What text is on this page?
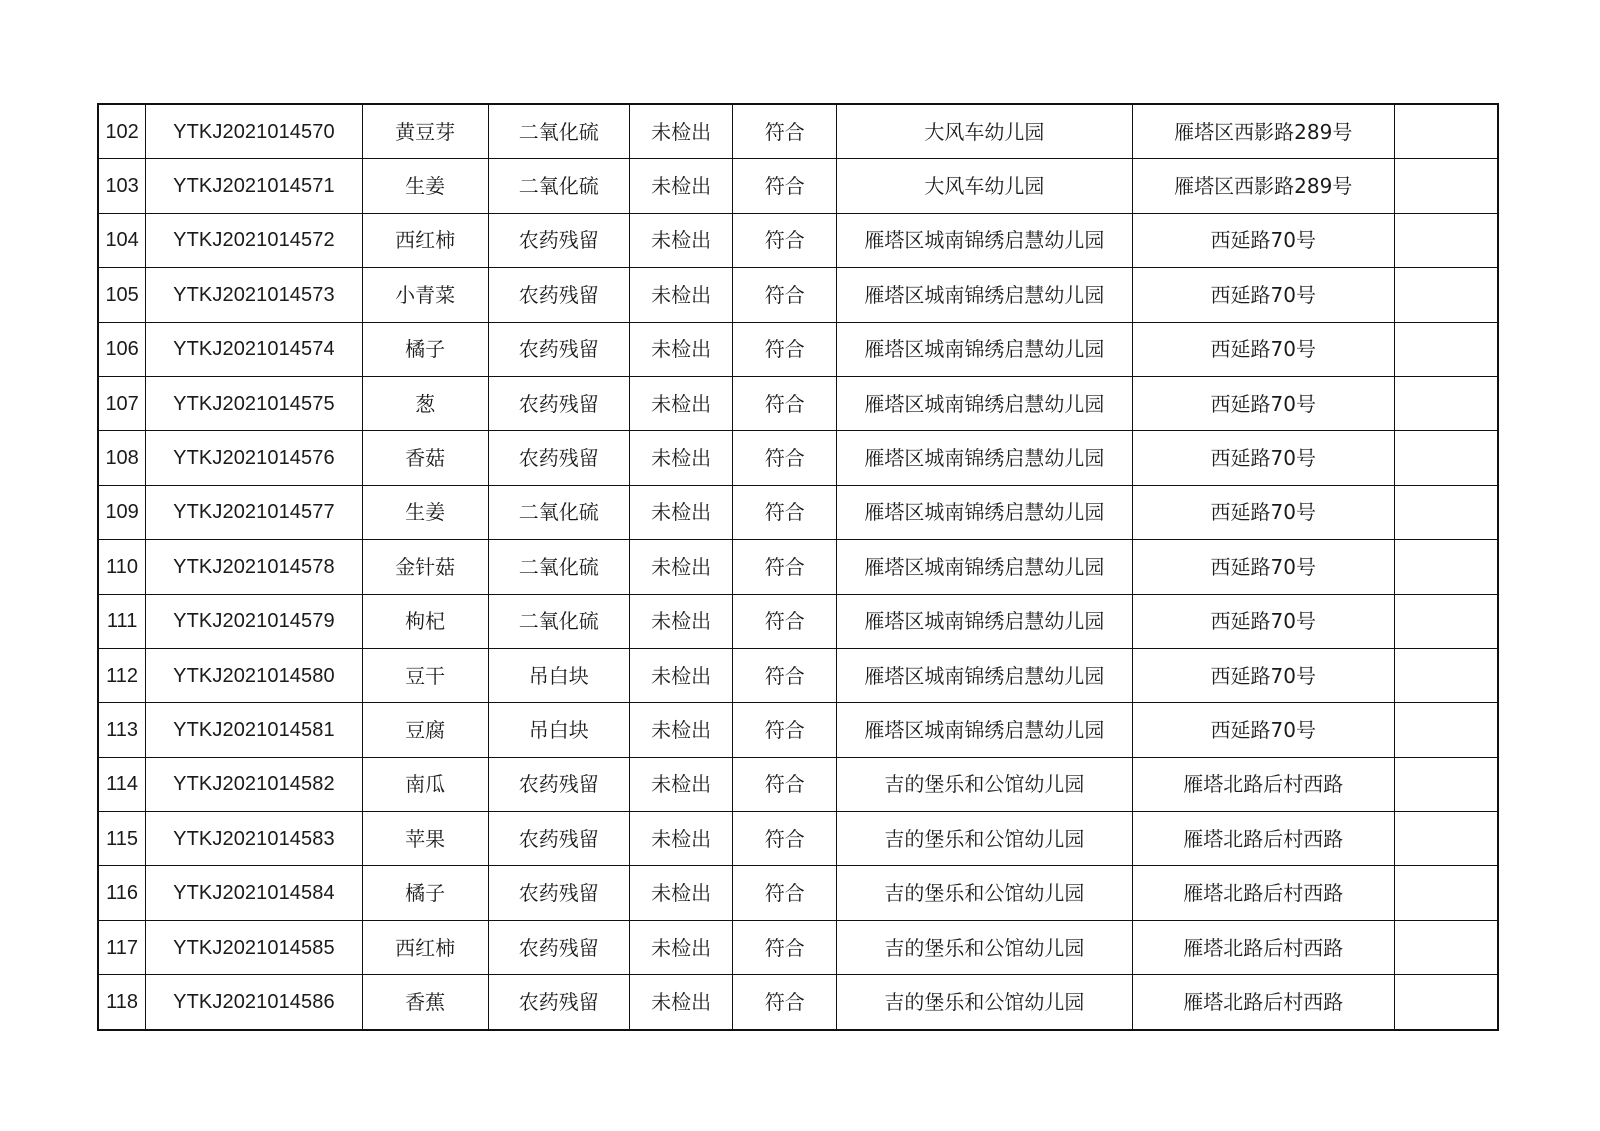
102	YTKJ2021014570	黄豆芽	二氧化硫	未检出	符合	大风车幼儿园	雁塔区西影路289号	
103	YTKJ2021014571	生姜	二氧化硫	未检出	符合	大风车幼儿园	雁塔区西影路289号	
104	YTKJ2021014572	西红柿	农药残留	未检出	符合	雁塔区城南锦绣启慧幼儿园	西延路70号	
105	YTKJ2021014573	小青菜	农药残留	未检出	符合	雁塔区城南锦绣启慧幼儿园	西延路70号	
106	YTKJ2021014574	橘子	农药残留	未检出	符合	雁塔区城南锦绣启慧幼儿园	西延路70号	
107	YTKJ2021014575	葱	农药残留	未检出	符合	雁塔区城南锦绣启慧幼儿园	西延路70号	
108	YTKJ2021014576	香菇	农药残留	未检出	符合	雁塔区城南锦绣启慧幼儿园	西延路70号	
109	YTKJ2021014577	生姜	二氧化硫	未检出	符合	雁塔区城南锦绣启慧幼儿园	西延路70号	
110	YTKJ2021014578	金针菇	二氧化硫	未检出	符合	雁塔区城南锦绣启慧幼儿园	西延路70号	
111	YTKJ2021014579	枸杞	二氧化硫	未检出	符合	雁塔区城南锦绣启慧幼儿园	西延路70号	
112	YTKJ2021014580	豆干	吊白块	未检出	符合	雁塔区城南锦绣启慧幼儿园	西延路70号	
113	YTKJ2021014581	豆腐	吊白块	未检出	符合	雁塔区城南锦绣启慧幼儿园	西延路70号	
114	YTKJ2021014582	南瓜	农药残留	未检出	符合	吉的堡乐和公馆幼儿园	雁塔北路后村西路	
115	YTKJ2021014583	苹果	农药残留	未检出	符合	吉的堡乐和公馆幼儿园	雁塔北路后村西路	
116	YTKJ2021014584	橘子	农药残留	未检出	符合	吉的堡乐和公馆幼儿园	雁塔北路后村西路	
117	YTKJ2021014585	西红柿	农药残留	未检出	符合	吉的堡乐和公馆幼儿园	雁塔北路后村西路	
118	YTKJ2021014586	香蕉	农药残留	未检出	符合	吉的堡乐和公馆幼儿园	雁塔北路后村西路	
